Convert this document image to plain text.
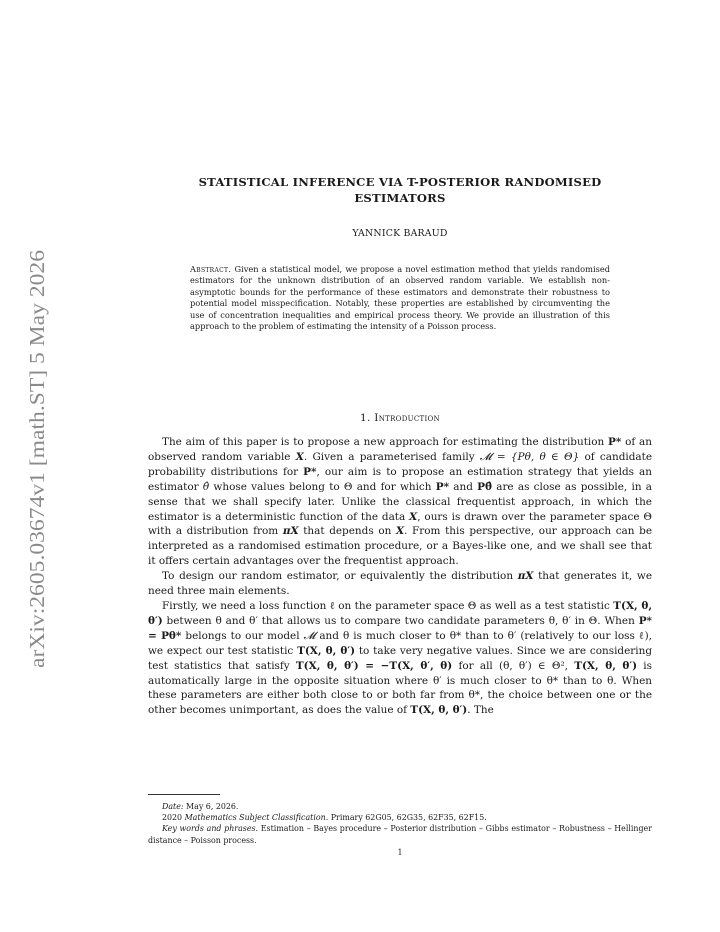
arXiv:2605.03674v1 [math.ST] 5 May 2026
STATISTICAL INFERENCE VIA T-POSTERIOR RANDOMISED
ESTIMATORS
YANNICK BARAUD
Abstract. Given a statistical model, we propose a novel estimation method that yields randomised estimators for the unknown distribution of an observed random variable. We establish non-asymptotic bounds for the performance of these estimators and demonstrate their robustness to potential model misspecification. Notably, these properties are established by circumventing the use of concentration inequalities and empirical process theory. We provide an illustration of this approach to the problem of estimating the intensity of a Poisson process.
1. Introduction

The aim of this paper is to propose a new approach for estimating the distribution P* of an observed random variable X. Given a parameterised family 𝓜 = {Pθ, θ ∈ Θ} of candidate probability distributions for P*, our aim is to propose an estimation strategy that yields an estimator θ̂ whose values belong to Θ and for which P* and Pθ̂ are as close as possible, in a sense that we shall specify later. Unlike the classical frequentist approach, in which the estimator is a deterministic function of the data X, ours is drawn over the parameter space Θ with a distribution from πX that depends on X. From this perspective, our approach can be interpreted as a randomised estimation procedure, or a Bayes-like one, and we shall see that it offers certain advantages over the frequentist approach.

To design our random estimator, or equivalently the distribution πX that generates it, we need three main elements.

Firstly, we need a loss function ℓ on the parameter space Θ as well as a test statistic T(X, θ, θ′) between θ and θ′ that allows us to compare two candidate parameters θ, θ′ in Θ. When P* = Pθ* belongs to our model 𝓜 and θ is much closer to θ* than to θ′ (relatively to our loss ℓ), we expect our test statistic T(X, θ, θ′) to take very negative values. Since we are considering test statistics that satisfy T(X, θ, θ′) = −T(X, θ′, θ) for all (θ, θ′) ∈ Θ², T(X, θ, θ′) is automatically large in the opposite situation where θ′ is much closer to θ* than to θ. When these parameters are either both close to or both far from θ*, the choice between one or the other becomes unimportant, as does the value of T(X, θ, θ′). The

Date: May 6, 2026.

2020 Mathematics Subject Classification. Primary 62G05, 62G35, 62F35, 62F15.

Key words and phrases. Estimation – Bayes procedure – Posterior distribution – Gibbs estimator – Robustness – Hellinger distance – Poisson process.

1
